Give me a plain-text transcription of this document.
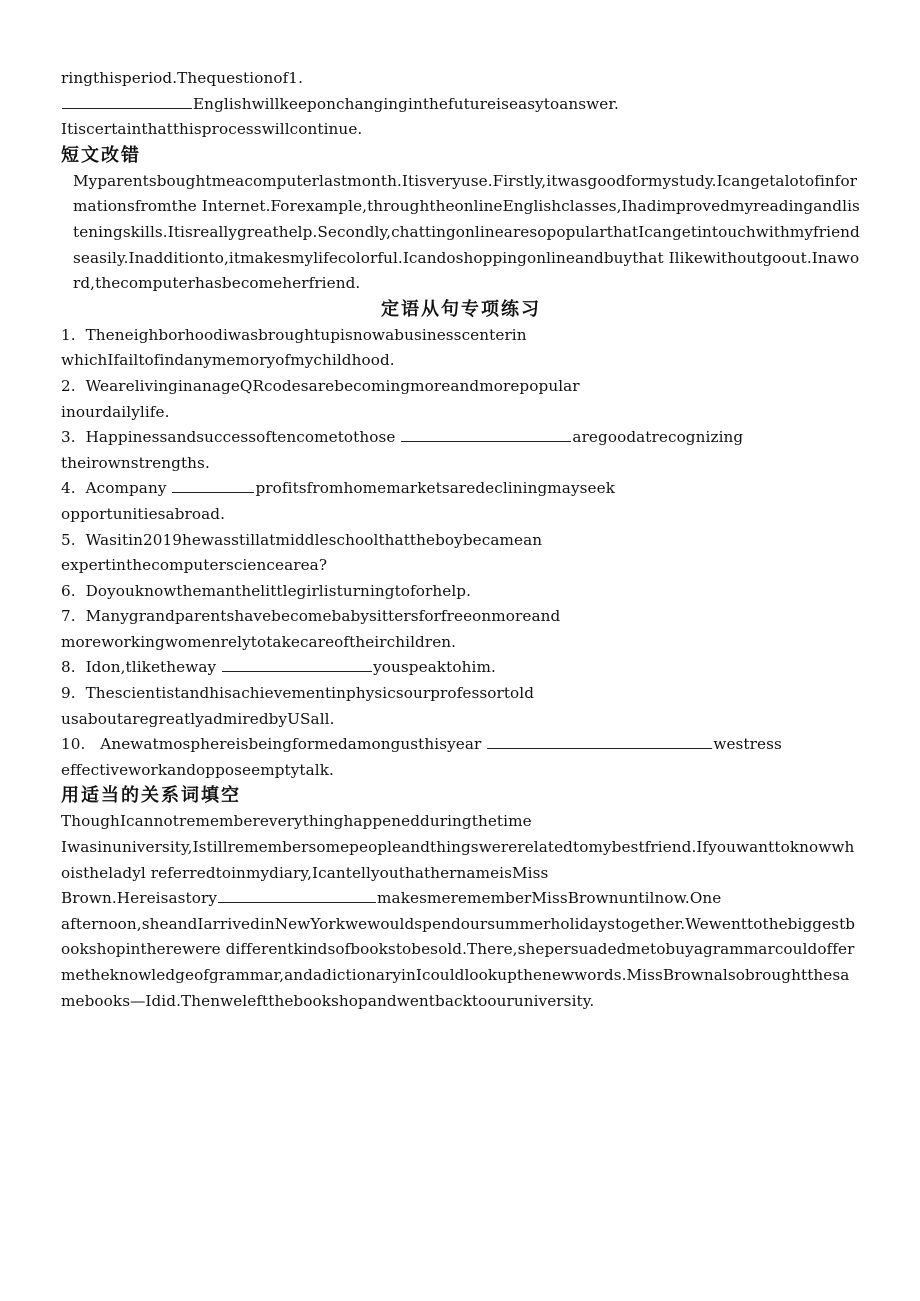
ringthisperiod.Thequestionof1.
Englishwillkeeponchanginginthefutureiseasytoanswer.
Itiscertainthatthisprocesswillcontinue.
短文改错
Myparentsboughtmeacomputerlastmonth.Itisveryuse.Firstly,itwasgoodformystudy.Icangetalotofinformationsfromthe Internet.Forexample,throughtheonlineEnglishclasses,Ihadimprovedmyreadingandlisteningskills.Itisreallygreathelp.Secondly,chattingonlinearesopopularthatIcangetintouchwithmyfriendseasily.Inadditionto,itmakesmylifecolorful.Icandoshoppingonlineandbuythat Ilikewithoutgoout.Inaword,thecomputerhasbecomeherfriend.
定语从句专项练习
1. Theneighborhoodiwasbroughtupisnowabusinesscenterin
whichIfailtofindanymemoryofmychildhood.
2. WearelivinginanageQRcodesarebecomingmoreandmorepopular
inourdailylife.
3. Happinessandsuccessoftencometothose	aregoodatrecognizing
theirownstrengths.
4. Acompany	profitsfromhomemarketsaredecliningmayseek
opportunitiesabroad.
5. Wasitin2019hewasstillatmiddleschoolthattheboybecamean
expertinthecomputersciencearea?
6. Doyouknowthemanthelittlegirlisturningtoforhelp.
7. Manygrandparentshavebecomebabysittersforfreeonmoreand
moreworkingwomenrelytotakecareoftheirchildren.
8. Idon,tliketheway	youspeaktohim.
9. Thescientistandhisachievementinphysicsourprofessortold
usaboutaregreatlyadmiredbyUSall.
10. Anewatmosphereisbeingformedamongusthisyear	westress
effectiveworkandopposeemptytalk.
用适当的关系词填空
ThoughIcannotremembereverythinghappenedduringthetime
Iwasinuniversity,Istillremembersomepeopleandthingswererelatedtomybestfriend.Ifyouwanttoknowwhoistheladyl referredtoinmydiary,IcantellyouthathernameisMiss
Brown.Hereisastory	makesmerememberMissBrownuntilnow.One
afternoon,sheandIarrivedinNewYorkwewouldspendoursummerholidaystogether.Wewenttothebiggestbookshopintherewere differentkindsofbookstobesold.There,shepersuadedmetobuyagrammarcouldoffermetheknowledgeofgrammar,andadictionaryinIcouldlookupthenewwords.MissBrownalsobroughtthesamebooks—Idid.Thenweleftthebookshopandwentbacktoouruniversity.
